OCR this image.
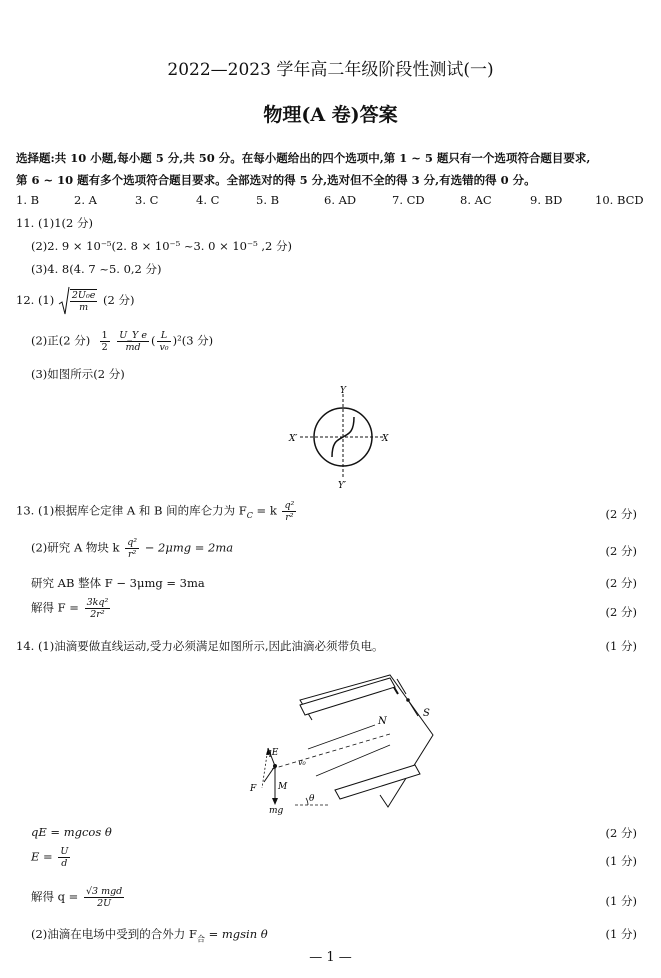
2022—2023 学年高二年级阶段性测试(一)
物理(A 卷)答案
选择题:共 10 小题,每小题 5 分,共 50 分。在每小题给出的四个选项中,第 1 ~ 5 题只有一个选项符合题目要求,
第 6 ~ 10 题有多个选项符合题目要求。全部选对的得 5 分,选对但不全的得 3 分,有选错的得 0 分。
1. B	2. A	3. C	4. C	5. B	6. AD	7. CD	8. AC	9. BD	10. BCD
11. (1)1(2 分)
(2)2. 9 × 10⁻⁵(2. 8 × 10⁻⁵ ~3. 0 × 10⁻⁵ ,2 分)
(3)4. 8(4. 7 ~5. 0,2 分)
12. $(1) \frac{\text{2U₀e}}{m} (2$ 分)
(2)正(2 分) $\frac{1}{2}$
$\frac{\text{U\_Y e}}{md}$ ( $\frac{L}{\text{v₀}} )^2(3$ 分)
(3)如图所示(2 分)
Y
Y′
X
X′
13. (1)根据库仑定律 A 和 B 间的库仑力为 $F_C = k \frac{\text{q²}}{\text{r²}}$	(2 分)
(2)研究 A 物块 k $\frac{\text{q²}}{\text{r²}} - 2\mu mg = 2ma$	(2 分)
研究 AB 整体 F − 3μmg = 3ma	(2 分)
解得 $F = \frac{\text{3kq²}}{\text{2r²}}$	(2 分)
14. (1)油滴要做直线运动,受力必须满足如图所示,因此油滴必须带负电。	(1 分)
S
N
qE
v₀
F M
mg
θ
qE = mgcos θ	(2 分)
$E = \frac{U}{d}$	(1 分)
解得 $q = \frac{\text{√3 mgd}}{2U}$	(1 分)
(2)油滴在电场中受到的合外力 $F_合 = mgsin$ θ	(1 分)
— 1 —
